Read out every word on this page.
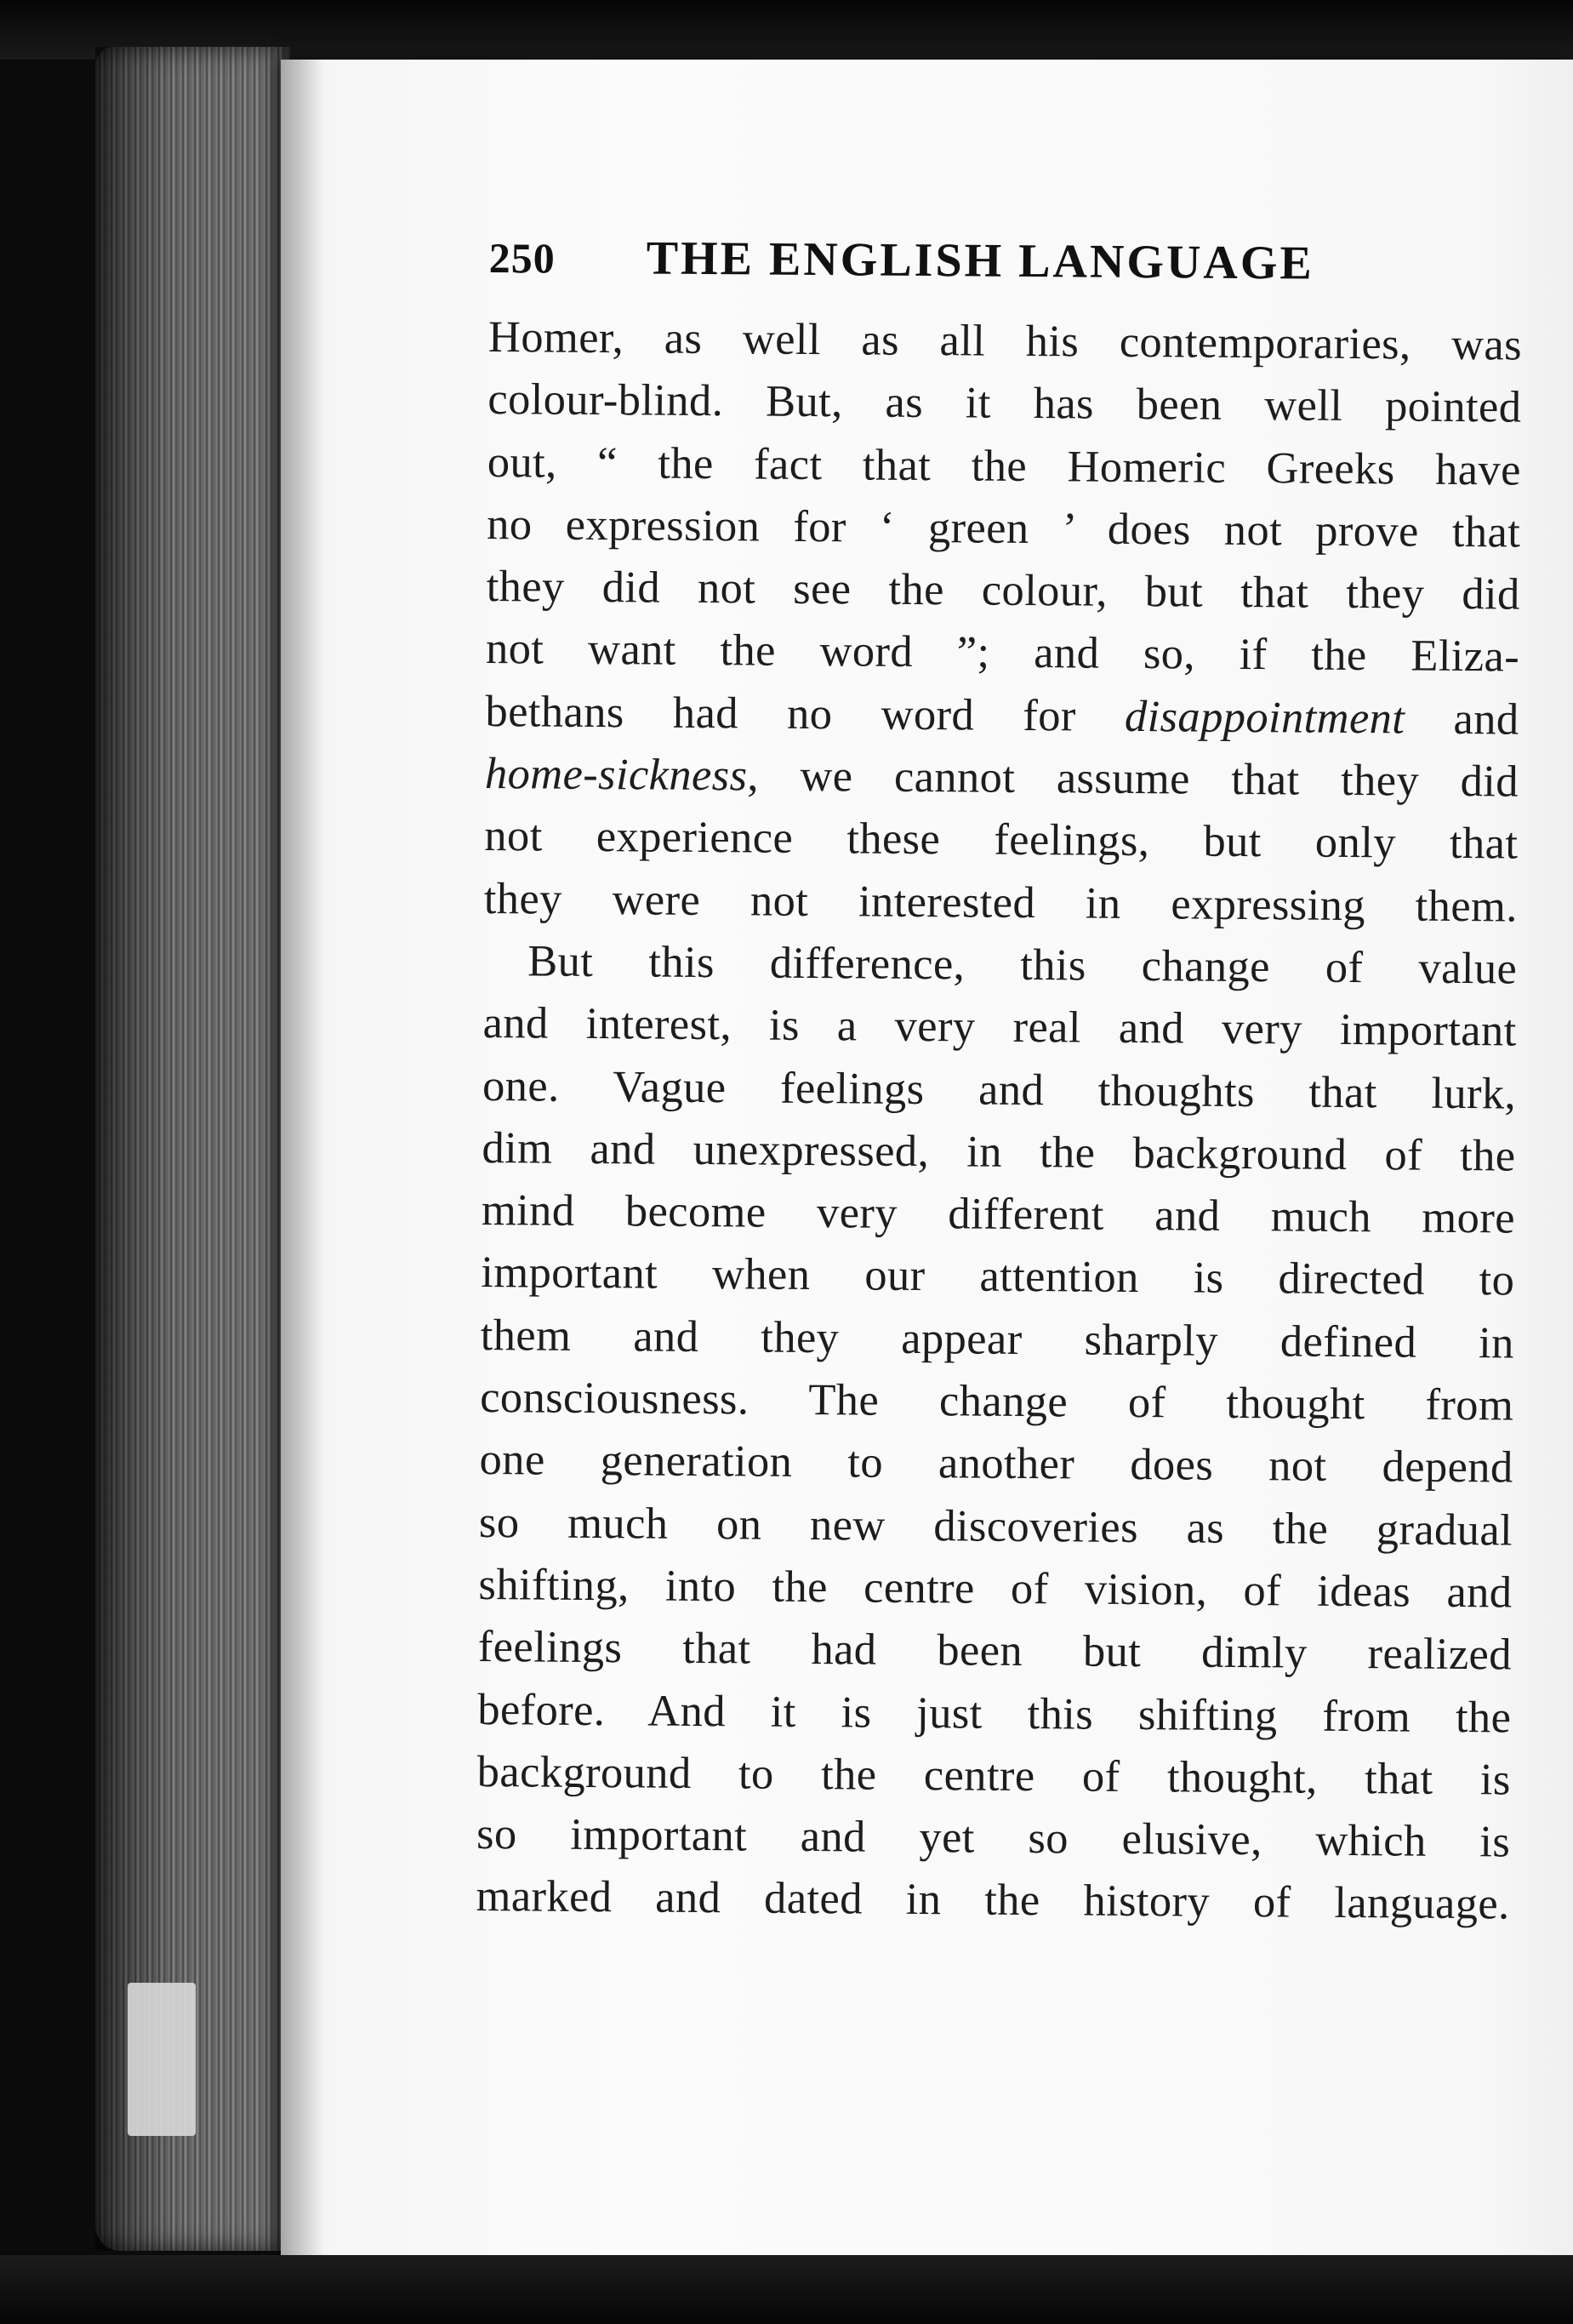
250	THE ENGLISH LANGUAGE
Homer, as well as all his contemporaries, was
colour-blind. But, as it has been well pointed
out, “ the fact that the Homeric Greeks have
no expression for ‘ green ’ does not prove that
they did not see the colour, but that they did
not want the word ”; and so, if the Eliza-
bethans had no word for disappointment and
home-sickness, we cannot assume that they did
not experience these feelings, but only that
they were not interested in expressing them.
But this difference, this change of value
and interest, is a very real and very important
one. Vague feelings and thoughts that lurk,
dim and unexpressed, in the background of the
mind become very different and much more
important when our attention is directed to
them and they appear sharply defined in
consciousness. The change of thought from
one generation to another does not depend
so much on new discoveries as the gradual
shifting, into the centre of vision, of ideas and
feelings that had been but dimly realized
before. And it is just this shifting from the
background to the centre of thought, that is
so important and yet so elusive, which is
marked and dated in the history of language.
